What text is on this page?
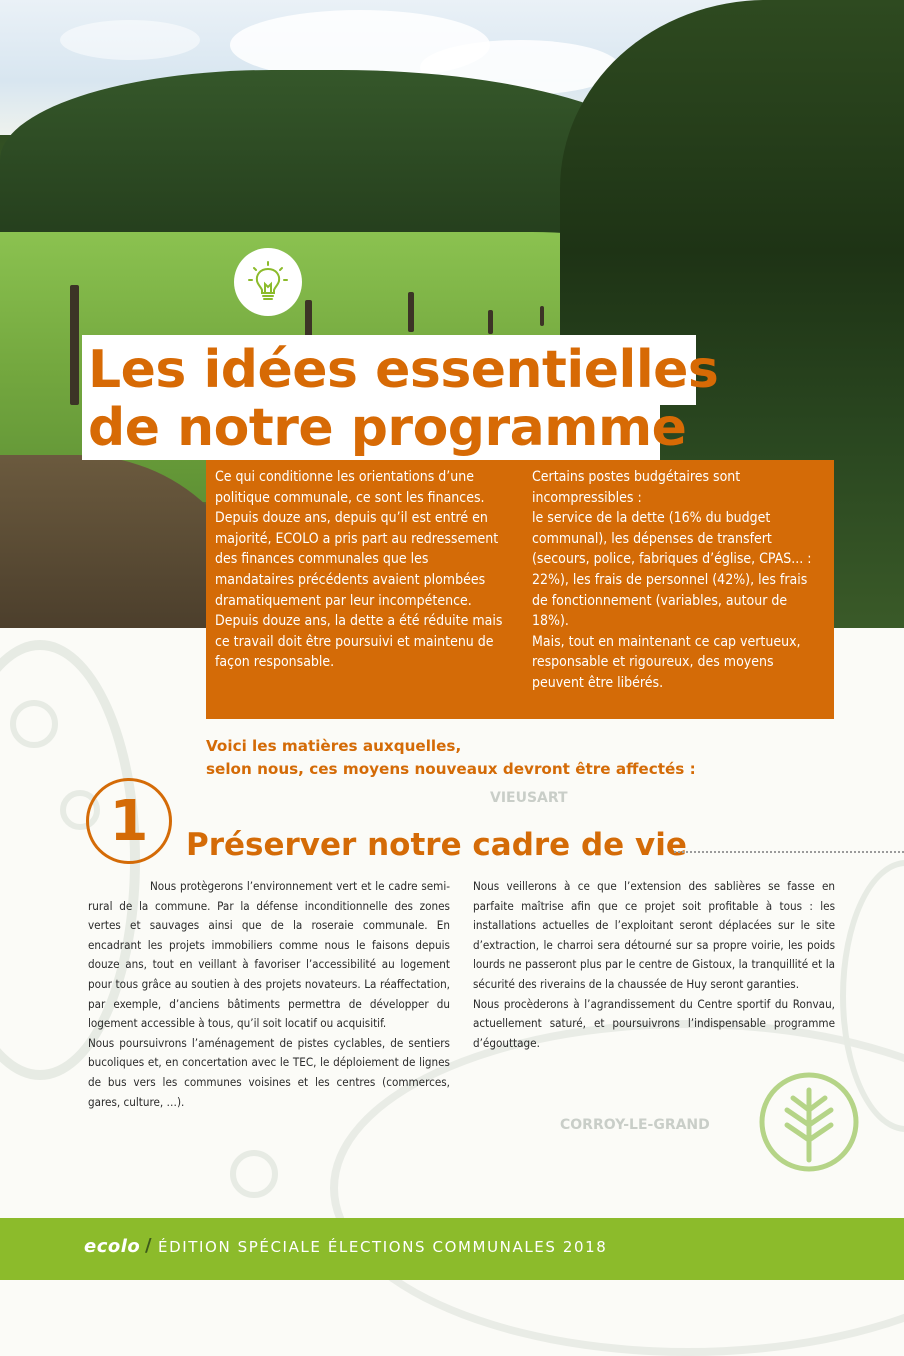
Les idées essentielles
de notre programme
VIEUSART
CORROY-LE-GRAND

Ce qui conditionne les orientations d’une politique communale, ce sont les finances.

Depuis douze ans, depuis qu’il est entré en majorité, ECOLO a pris part au redressement des finances communales que les mandataires précédents avaient plombées dramatiquement par leur incompétence.

Depuis douze ans, la dette a été réduite mais ce travail doit être poursuivi et maintenu de façon responsable.

Certains postes budgétaires sont incompressibles :

le service de la dette (16% du budget communal), les dépenses de transfert (secours, police, fabriques d’église, CPAS... : 22%), les frais de personnel (42%), les frais de fonctionnement (variables, autour de 18%).

Mais, tout en maintenant ce cap vertueux, responsable et rigoureux, des moyens peuvent être libérés.

Voici les matières auxquelles,
selon nous, ces moyens nouveaux devront être affectés :
1	Préserver notre cadre de vie

Nous protègerons l’environnement vert et le cadre semi-rural de la commune. Par la défense inconditionnelle des zones vertes et sauvages ainsi que de la roseraie communale. En encadrant les projets immobiliers comme nous le faisons depuis douze ans, tout en veillant à favoriser l’accessibilité au logement pour tous grâce au soutien à des projets novateurs. La réaffectation, par exemple, d’anciens bâtiments permettra de développer du logement accessible à tous, qu’il soit locatif ou acquisitif.

Nous poursuivrons l’aménagement de pistes cyclables, de sentiers bucoliques et, en concertation avec le TEC, le déploiement de lignes de bus vers les communes voisines et les centres (commerces, gares, culture, …).

Nous veillerons à ce que l’extension des sablières se fasse en parfaite maîtrise afin que ce projet soit profitable à tous : les installations actuelles de l’exploitant seront déplacées sur le site d’extraction, le charroi sera détourné sur sa propre voirie, les poids lourds ne passeront plus par le centre de Gistoux, la tranquillité et la sécurité des riverains de la chaussée de Huy seront garanties.

Nous procèderons à l’agrandissement du Centre sportif du Ronvau, actuellement saturé, et poursuivrons l’indispensable programme d’égouttage.

ecolo / ÉDITION SPÉCIALE ÉLECTIONS COMMUNALES 2018
